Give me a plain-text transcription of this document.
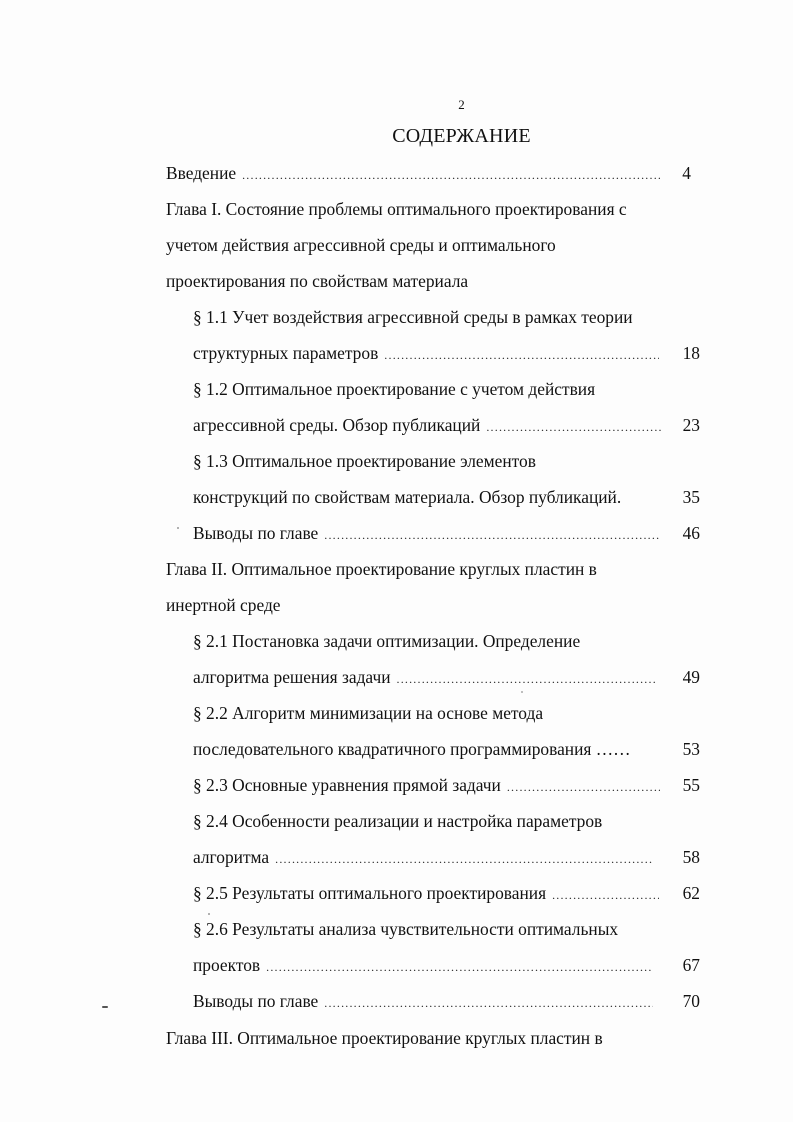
2
СОДЕРЖАНИЕ
Введение .....	4
Глава I. Состояние проблемы оптимального проектирования с
учетом действия агрессивной среды и оптимального
проектирования по свойствам материала
§ 1.1 Учет воздействия агрессивной среды в рамках теории
структурных параметров .....	18
§ 1.2 Оптимальное проектирование с учетом действия
агрессивной среды. Обзор публикаций .....	23
§ 1.3 Оптимальное проектирование элементов
конструкций по свойствам материала. Обзор публикаций.	35
Выводы по главе .....	46
Глава II. Оптимальное проектирование круглых пластин в
инертной среде
§ 2.1 Постановка задачи оптимизации. Определение
алгоритма решения задачи .....	49
§ 2.2 Алгоритм минимизации на основе метода
последовательного квадратичного программирования ……	53
§ 2.3 Основные уравнения прямой задачи .....	55
§ 2.4 Особенности реализации и настройка параметров
алгоритма .....	58
§ 2.5 Результаты оптимального проектирования .....	62
§ 2.6 Результаты анализа чувствительности оптимальных
проектов .....	67
Выводы по главе .....	70
Глава III. Оптимальное проектирование круглых пластин в
